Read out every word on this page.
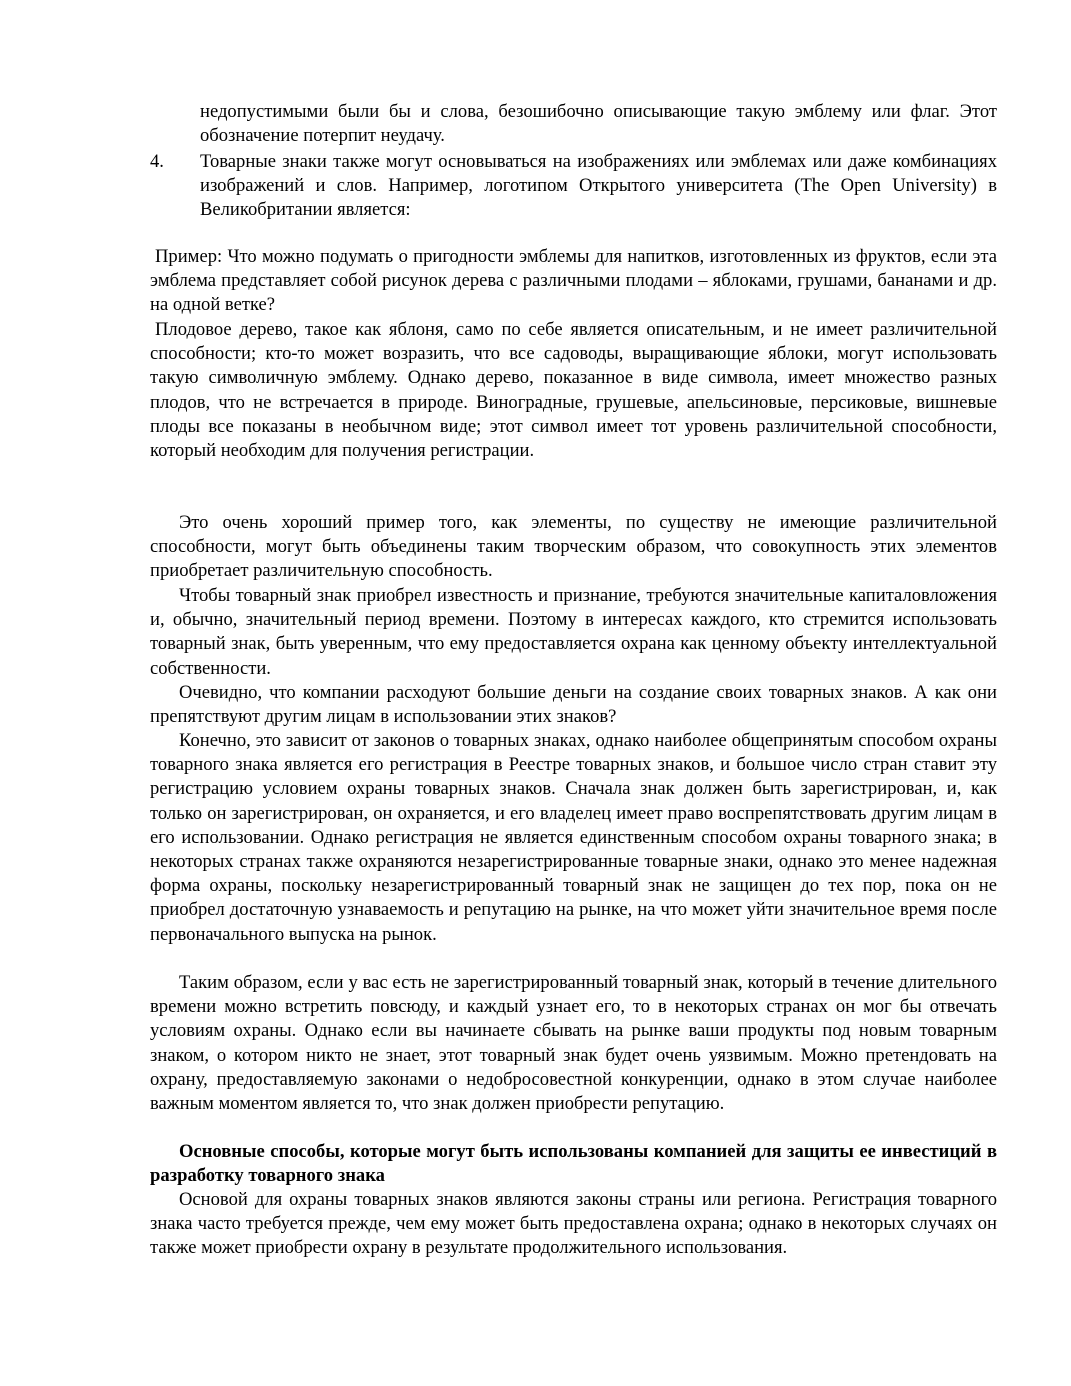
недопустимыми были бы и слова, безошибочно описывающие такую эмблему или флаг. Этот обозначение потерпит неудачу.

4. Товарные знаки также могут основываться на изображениях или эмблемах или даже комбинациях изображений и слов. Например, логотипом Открытого университета (The Open University) в Великобритании является:

Пример: Что можно подумать о пригодности эмблемы для напитков, изготовленных из фруктов, если эта эмблема представляет собой рисунок дерева с различными плодами – яблоками, грушами, бананами и др. на одной ветке?

Плодовое дерево, такое как яблоня, само по себе является описательным, и не имеет различительной способности; кто-то может возразить, что все садоводы, выращивающие яблоки, могут использовать такую символичную эмблему. Однако дерево, показанное в виде символа, имеет множество разных плодов, что не встречается в природе. Виноградные, грушевые, апельсиновые, персиковые, вишневые плоды все показаны в необычном виде; этот символ имеет тот уровень различительной способности, который необходим для получения регистрации.

Это очень хороший пример того, как элементы, по существу не имеющие различительной способности, могут быть объединены таким творческим образом, что совокупность этих элементов приобретает различительную способность.

Чтобы товарный знак приобрел известность и признание, требуются значительные капиталовложения и, обычно, значительный период времени. Поэтому в интересах каждого, кто стремится использовать товарный знак, быть уверенным, что ему предоставляется охрана как ценному объекту интеллектуальной собственности.

Очевидно, что компании расходуют большие деньги на создание своих товарных знаков. А как они препятствуют другим лицам в использовании этих знаков?

Конечно, это зависит от законов о товарных знаках, однако наиболее общепринятым способом охраны товарного знака является его регистрация в Реестре товарных знаков, и большое число стран ставит эту регистрацию условием охраны товарных знаков. Сначала знак должен быть зарегистрирован, и, как только он зарегистрирован, он охраняется, и его владелец имеет право воспрепятствовать другим лицам в его использовании. Однако регистрация не является единственным способом охраны товарного знака; в некоторых странах также охраняются незарегистрированные товарные знаки, однако это менее надежная форма охраны, поскольку незарегистрированный товарный знак не защищен до тех пор, пока он не приобрел достаточную узнаваемость и репутацию на рынке, на что может уйти значительное время после первоначального выпуска на рынок.

Таким образом, если у вас есть не зарегистрированный товарный знак, который в течение длительного времени можно встретить повсюду, и каждый узнает его, то в некоторых странах он мог бы отвечать условиям охраны. Однако если вы начинаете сбывать на рынке ваши продукты под новым товарным знаком, о котором никто не знает, этот товарный знак будет очень уязвимым. Можно претендовать на охрану, предоставляемую законами о недобросовестной конкуренции, однако в этом случае наиболее важным моментом является то, что знак должен приобрести репутацию.

Основные способы, которые могут быть использованы компанией для защиты ее инвестиций в разработку товарного знака

Основой для охраны товарных знаков являются законы страны или региона. Регистрация товарного знака часто требуется прежде, чем ему может быть предоставлена охрана; однако в некоторых случаях он также может приобрести охрану в результате продолжительного использования.
